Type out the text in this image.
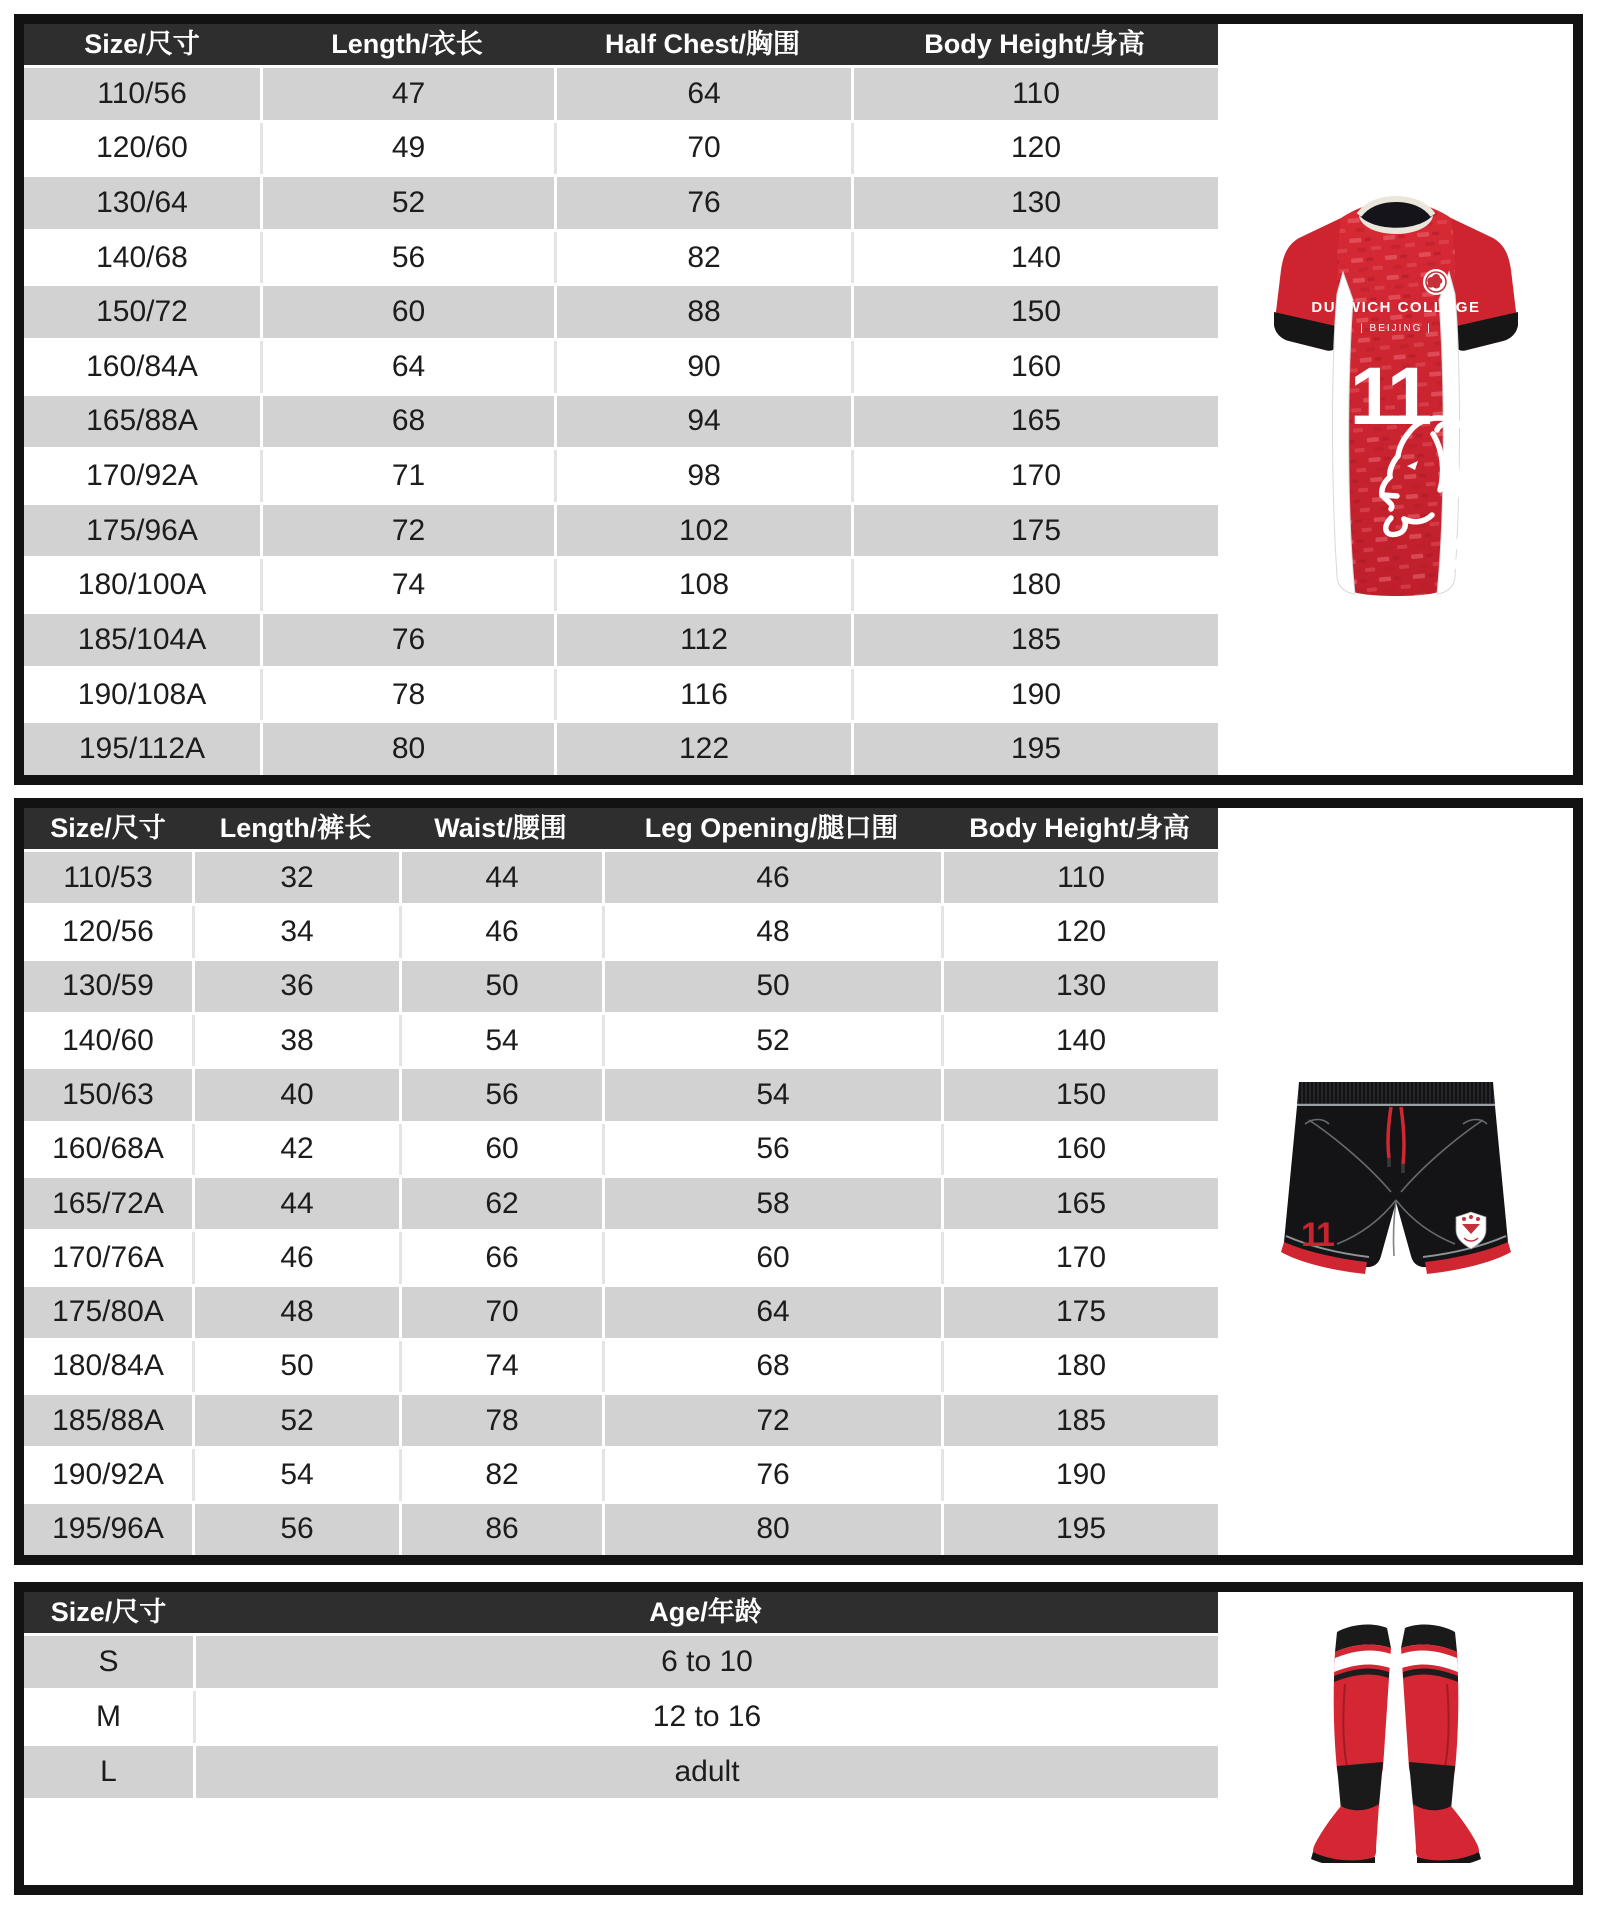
Size/尺寸	Length/衣长	Half Chest/胸围	Body Height/身高
110/56	47	64	110
120/60	49	70	120
130/64	52	76	130
140/68	56	82	140
150/72	60	88	150
160/84A	64	90	160
165/88A	68	94	165
170/92A	71	98	170
175/96A	72	102	175
180/100A	74	108	180
185/104A	76	112	185
190/108A	78	116	190
195/112A	80	122	195
DULWICH COLLEGE
| BEIJING |
11
Size/尺寸	Length/裤长	Waist/腰围	Leg Opening/腿口围	Body Height/身高
110/53	32	44	46	110
120/56	34	46	48	120
130/59	36	50	50	130
140/60	38	54	52	140
150/63	40	56	54	150
160/68A	42	60	56	160
165/72A	44	62	58	165
170/76A	46	66	60	170
175/80A	48	70	64	175
180/84A	50	74	68	180
185/88A	52	78	72	185
190/92A	54	82	76	190
195/96A	56	86	80	195
11
Size/尺寸	Age/年龄
S	6 to 10
M	12 to 16
L	adult
